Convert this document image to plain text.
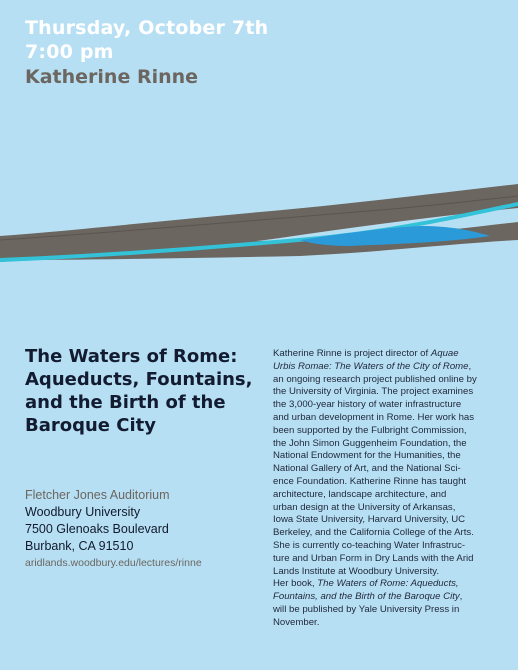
Thursday, October 7th
7:00 pm
Katherine Rinne
The Waters of Rome:
Aqueducts, Fountains,
and the Birth of the
Baroque City
Fletcher Jones Auditorium
Woodbury University
7500 Glenoaks Boulevard
Burbank, CA 91510
aridlands.woodbury.edu/lectures/rinne
Katherine Rinne is project director of Aquae
Urbis Romae: The Waters of the City of Rome,
an ongoing research project published online by
the University of Virginia. The project examines
the 3,000-year history of water infrastructure
and urban development in Rome. Her work has
been supported by the Fulbright Commission,
the John Simon Guggenheim Foundation, the
National Endowment for the Humanities, the
National Gallery of Art, and the National Sci-
ence Foundation. Katherine Rinne has taught
architecture, landscape architecture, and
urban design at the University of Arkansas,
Iowa State University, Harvard University, UC
Berkeley, and the California College of the Arts.
She is currently co-teaching Water Infrastruc-
ture and Urban Form in Dry Lands with the Arid
Lands Institute at Woodbury University.
Her book, The Waters of Rome: Aqueducts,
Fountains, and the Birth of the Baroque City,
will be published by Yale University Press in
November.
